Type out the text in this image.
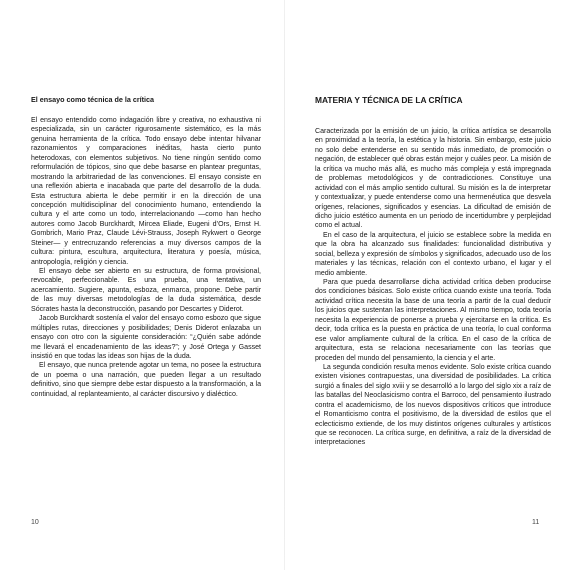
El ensayo como técnica de la crítica

El ensayo entendido como indagación libre y creativa, no exhaustiva ni especializada, sin un carácter rigurosamente sistemático, es la más genuina herramienta de la crítica. Todo ensayo debe intentar hilvanar razonamientos y comparaciones inéditas, hasta cierto punto heterodoxas, con elementos subjetivos. No tiene ningún sentido como reformulación de tópicos, sino que debe basarse en plantear preguntas, mostrando la arbitrariedad de las convenciones. El ensayo consiste en una reflexión abierta e inacabada que parte del desarrollo de la duda. Esta estructura abierta le debe permitir ir en la dirección de una concepción multidisciplinar del conocimiento humano, entendiendo la cultura y el arte como un todo, interrelacionando —como han hecho autores como Jacob Burckhardt, Mircea Eliade, Eugeni d’Ors, Ernst H. Gombrich, Mario Praz, Claude Lévi-Strauss, Joseph Rykwert o George Steiner— y entrecruzando referencias a muy diversos campos de la cultura: pintura, escultura, arquitectura, literatura y poesía, música, antropología, religión y ciencia.

El ensayo debe ser abierto en su estructura, de forma provisional, revocable, perfeccionable. Es una prueba, una tentativa, un acercamiento. Sugiere, apunta, esboza, enmarca, propone. Debe partir de las muy diversas metodologías de la duda sistemática, desde Sócrates hasta la deconstrucción, pasando por Descartes y Diderot.

Jacob Burckhardt sostenía el valor del ensayo como esbozo que sigue múltiples rutas, direcciones y posibilidades; Denis Diderot enlazaba un ensayo con otro con la siguiente consideración: “¿Quién sabe adónde me llevará el encadenamiento de las ideas?”; y José Ortega y Gasset insistió en que todas las ideas son hijas de la duda.

El ensayo, que nunca pretende agotar un tema, no posee la estructura de un poema o una narración, que pueden llegar a un resultado definitivo, sino que siempre debe estar dispuesto a la transformación, a la continuidad, al replanteamiento, al carácter discursivo y dialéctico.

10
MATERIA Y TÉCNICA DE LA CRÍTICA

Caracterizada por la emisión de un juicio, la crítica artística se desarrolla en proximidad a la teoría, la estética y la historia. Sin embargo, este juicio no solo debe entenderse en su sentido más inmediato, de promoción o negación, de establecer qué obras están mejor y cuáles peor. La misión de la crítica va mucho más allá, es mucho más compleja y está impregnada de problemas metodológicos y de contradicciones. Constituye una actividad con el más amplio sentido cultural. Su misión es la de interpretar y contextualizar, y puede entenderse como una hermenéutica que desvela orígenes, relaciones, significados y esencias. La dificultad de emisión de dicho juicio estético aumenta en un periodo de incertidumbre y perplejidad como el actual.

En el caso de la arquitectura, el juicio se establece sobre la medida en que la obra ha alcanzado sus finalidades: funcionalidad distributiva y social, belleza y expresión de símbolos y significados, adecuado uso de los materiales y las técnicas, relación con el contexto urbano, el lugar y el medio ambiente.

Para que pueda desarrollarse dicha actividad crítica deben producirse dos condiciones básicas. Solo existe crítica cuando existe una teoría. Toda actividad crítica necesita la base de una teoría a partir de la cual deducir los juicios que sustentan las interpretaciones. Al mismo tiempo, toda teoría necesita la experiencia de ponerse a prueba y ejercitarse en la crítica. Es decir, toda crítica es la puesta en práctica de una teoría, lo cual conforma ese valor ampliamente cultural de la crítica. En el caso de la crítica de arquitectura, esta se relaciona necesariamente con las teorías que proceden del mundo del pensamiento, la ciencia y el arte.

La segunda condición resulta menos evidente. Solo existe crítica cuando existen visiones contrapuestas, una diversidad de posibilidades. La crítica surgió a finales del siglo xviii y se desarrolló a lo largo del siglo xix a raíz de las batallas del Neoclasicismo contra el Barroco, del pensamiento ilustrado contra el academicismo, de los nuevos dispositivos críticos que introduce el Romanticismo contra el positivismo, de la diversidad de estilos que el eclecticismo extiende, de los muy distintos orígenes culturales y artísticos que se reconocen. La crítica surge, en definitiva, a raíz de la diversidad de interpretaciones

11
